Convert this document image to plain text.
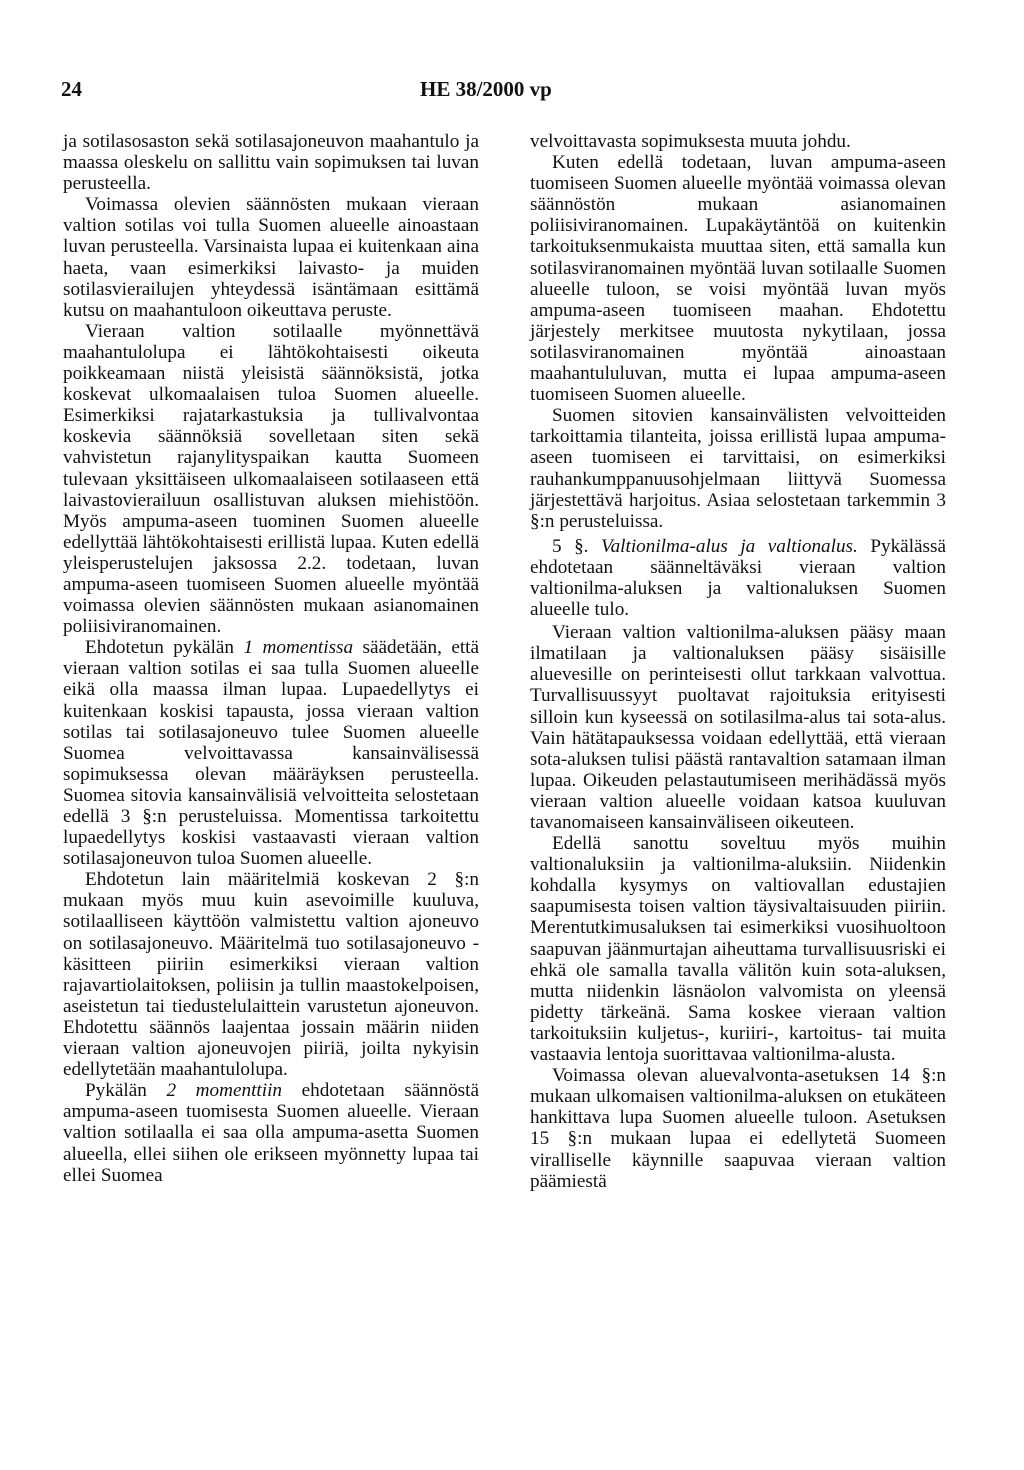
24	HE 38/2000 vp

ja sotilasosaston sekä sotilasajoneuvon maahantulo ja maassa oleskelu on sallittu vain sopimuksen tai luvan perusteella.

Voimassa olevien säännösten mukaan vieraan valtion sotilas voi tulla Suomen alueelle ainoastaan luvan perusteella. Varsinaista lupaa ei kuitenkaan aina haeta, vaan esimerkiksi laivasto- ja muiden sotilasvierailujen yhteydessä isäntämaan esittämä kutsu on maahantuloon oikeuttava peruste.

Vieraan valtion sotilaalle myönnettävä maahantulolupa ei lähtökohtaisesti oikeuta poikkeamaan niistä yleisistä säännöksistä, jotka koskevat ulkomaalaisen tuloa Suomen alueelle. Esimerkiksi rajatarkastuksia ja tullivalvontaa koskevia säännöksiä sovelletaan siten sekä vahvistetun rajanylityspaikan kautta Suomeen tulevaan yksittäiseen ulkomaalaiseen sotilaaseen että laivastovierailuun osallistuvan aluksen miehistöön. Myös ampuma-aseen tuominen Suomen alueelle edellyttää lähtökohtaisesti erillistä lupaa. Kuten edellä yleisperustelujen jaksossa 2.2. todetaan, luvan ampuma-aseen tuomiseen Suomen alueelle myöntää voimassa olevien säännösten mukaan asianomainen poliisiviranomainen.

Ehdotetun pykälän 1 momentissa säädetään, että vieraan valtion sotilas ei saa tulla Suomen alueelle eikä olla maassa ilman lupaa. Lupaedellytys ei kuitenkaan koskisi tapausta, jossa vieraan valtion sotilas tai sotilasajoneuvo tulee Suomen alueelle Suomea velvoittavassa kansainvälisessä sopimuksessa olevan määräyksen perusteella. Suomea sitovia kansainvälisiä velvoitteita selostetaan edellä 3 §:n perusteluissa. Momentissa tarkoitettu lupaedellytys koskisi vastaavasti vieraan valtion sotilasajoneuvon tuloa Suomen alueelle.

Ehdotetun lain määritelmiä koskevan 2 §:n mukaan myös muu kuin asevoimille kuuluva, sotilaalliseen käyttöön valmistettu valtion ajoneuvo on sotilasajoneuvo. Määritelmä tuo sotilasajoneuvo -käsitteen piiriin esimerkiksi vieraan valtion rajavartiolaitoksen, poliisin ja tullin maastokelpoisen, aseistetun tai tiedustelulaittein varustetun ajoneuvon. Ehdotettu säännös laajentaa jossain määrin niiden vieraan valtion ajoneuvojen piiriä, joilta nykyisin edellytetään maahantulolupa.

Pykälän 2 momenttiin ehdotetaan säännöstä ampuma-aseen tuomisesta Suomen alueelle. Vieraan valtion sotilaalla ei saa olla ampuma-asetta Suomen alueella, ellei siihen ole erikseen myönnetty lupaa tai ellei Suomea

velvoittavasta sopimuksesta muuta johdu.

Kuten edellä todetaan, luvan ampuma-aseen tuomiseen Suomen alueelle myöntää voimassa olevan säännöstön mukaan asianomainen poliisiviranomainen. Lupakäytäntöä on kuitenkin tarkoituksenmukaista muuttaa siten, että samalla kun sotilasviranomainen myöntää luvan sotilaalle Suomen alueelle tuloon, se voisi myöntää luvan myös ampuma-aseen tuomiseen maahan. Ehdotettu järjestely merkitsee muutosta nykytilaan, jossa sotilasviranomainen myöntää ainoastaan maahantululuvan, mutta ei lupaa ampuma-aseen tuomiseen Suomen alueelle.

Suomen sitovien kansainvälisten velvoitteiden tarkoittamia tilanteita, joissa erillistä lupaa ampuma-aseen tuomiseen ei tarvittaisi, on esimerkiksi rauhankumppanuusohjelmaan liittyvä Suomessa järjestettävä harjoitus. Asiaa selostetaan tarkemmin 3 §:n perusteluissa.

5 §. Valtionilma-alus ja valtionalus. Pykälässä ehdotetaan säänneltäväksi vieraan valtion valtionilma-aluksen ja valtionaluksen Suomen alueelle tulo.

Vieraan valtion valtionilma-aluksen pääsy maan ilmatilaan ja valtionaluksen pääsy sisäisille aluevesille on perinteisesti ollut tarkkaan valvottua. Turvallisuussyyt puoltavat rajoituksia erityisesti silloin kun kyseessä on sotilasilma-alus tai sota-alus. Vain hätätapauksessa voidaan edellyttää, että vieraan sota-aluksen tulisi päästä rantavaltion satamaan ilman lupaa. Oikeuden pelastautumiseen merihädässä myös vieraan valtion alueelle voidaan katsoa kuuluvan tavanomaiseen kansainväliseen oikeuteen.

Edellä sanottu soveltuu myös muihin valtionaluksiin ja valtionilma-aluksiin. Niidenkin kohdalla kysymys on valtiovallan edustajien saapumisesta toisen valtion täysivaltaisuuden piiriin. Merentutkimusaluksen tai esimerkiksi vuosihuoltoon saapuvan jäänmurtajan aiheuttama turvallisuusriski ei ehkä ole samalla tavalla välitön kuin sota-aluksen, mutta niidenkin läsnäolon valvomista on yleensä pidetty tärkeänä. Sama koskee vieraan valtion tarkoituksiin kuljetus-, kuriiri-, kartoitus- tai muita vastaavia lentoja suorittavaa valtionilma-alusta.

Voimassa olevan aluevalvonta-asetuksen 14 §:n mukaan ulkomaisen valtionilma-aluksen on etukäteen hankittava lupa Suomen alueelle tuloon. Asetuksen 15 §:n mukaan lupaa ei edellytetä Suomeen viralliselle käynnille saapuvaa vieraan valtion päämiestä
